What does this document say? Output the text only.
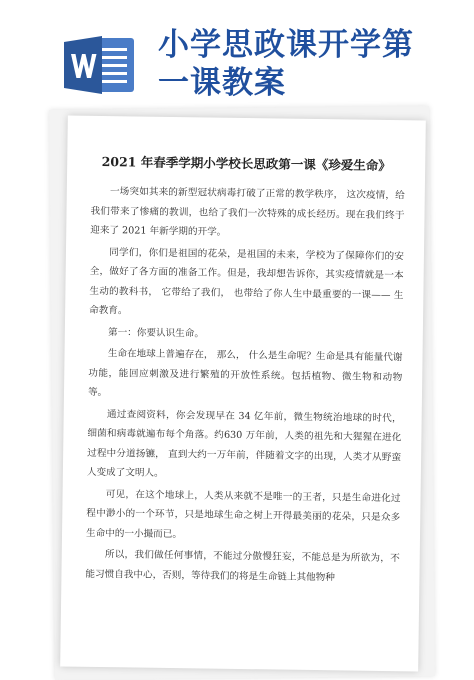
小学思政课开学第
一课教案
2021 年春季学期小学校长思政第一课《珍爱生命》

一场突如其来的新型冠状病毒打破了正常的教学秩序， 这次疫情，给我们带来了惨痛的教训，也给了我们一次特殊的成长经历。现在我们终于迎来了 2021 年新学期的开学。

同学们，你们是祖国的花朵，是祖国的未来，学校为了保障你们的安全，做好了各方面的准备工作。但是，我却想告诉你，其实疫情就是一本生动的教科书， 它带给了我们， 也带给了你人生中最重要的一课—— 生命教育。

第一：你要认识生命。

生命在地球上普遍存在， 那么， 什么是生命呢？生命是具有能量代谢功能，能回应刺激及进行繁殖的开放性系统。包括植物、微生物和动物等。

通过查阅资料，你会发现早在 34 亿年前，微生物统治地球的时代，细菌和病毒就遍布每个角落。约630 万年前，人类的祖先和大猩猩在进化过程中分道扬镳， 直到大约一万年前，伴随着文字的出现，人类才从野蛮人变成了文明人。

可见，在这个地球上，人类从来就不是唯一的王者，只是生命进化过程中渺小的一个环节，只是地球生命之树上开得最美丽的花朵，只是众多生命中的一小撮而已。

所以，我们做任何事情，不能过分傲慢狂妄，不能总是为所欲为，不能习惯自我中心，否则，等待我们的将是生命链上其他物种
